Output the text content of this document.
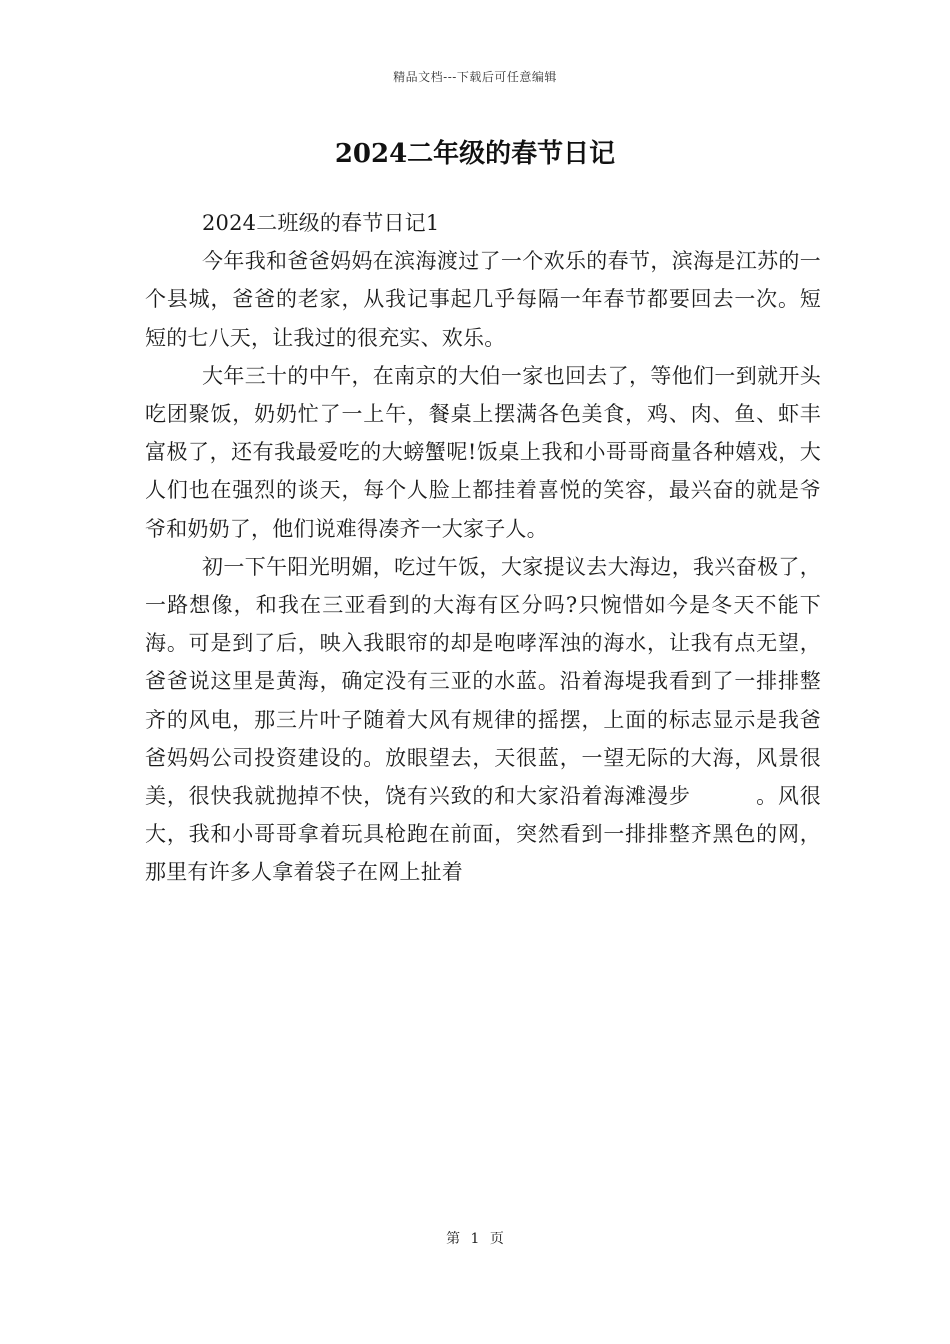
精品文档---下载后可任意编辑
2024二年级的春节日记

2024二班级的春节日记1

今年我和爸爸妈妈在滨海渡过了一个欢乐的春节，滨海是江苏的一个县城，爸爸的老家，从我记事起几乎每隔一年春节都要回去一次。短短的七八天，让我过的很充实、欢乐。

大年三十的中午，在南京的大伯一家也回去了，等他们一到就开头吃团聚饭，奶奶忙了一上午，餐桌上摆满各色美食，鸡、肉、鱼、虾丰富极了，还有我最爱吃的大螃蟹呢!饭桌上我和小哥哥商量各种嬉戏，大人们也在强烈的谈天，每个人脸上都挂着喜悦的笑容，最兴奋的就是爷爷和奶奶了，他们说难得凑齐一大家子人。

初一下午阳光明媚，吃过午饭，大家提议去大海边，我兴奋极了，一路想像，和我在三亚看到的大海有区分吗?只惋惜如今是冬天不能下海。可是到了后，映入我眼帘的却是咆哮浑浊的海水，让我有点无望，爸爸说这里是黄海，确定没有三亚的水蓝。沿着海堤我看到了一排排整齐的风电，那三片叶子随着大风有规律的摇摆，上面的标志显示是我爸爸妈妈公司投资建设的。放眼望去，天很蓝，一望无际的大海，风景很美，很快我就抛掉不快，饶有兴致的和大家沿着海滩漫步　　　。风很大，我和小哥哥拿着玩具枪跑在前面，突然看到一排排整齐黑色的网，那里有许多人拿着袋子在网上扯着

第 1 页
